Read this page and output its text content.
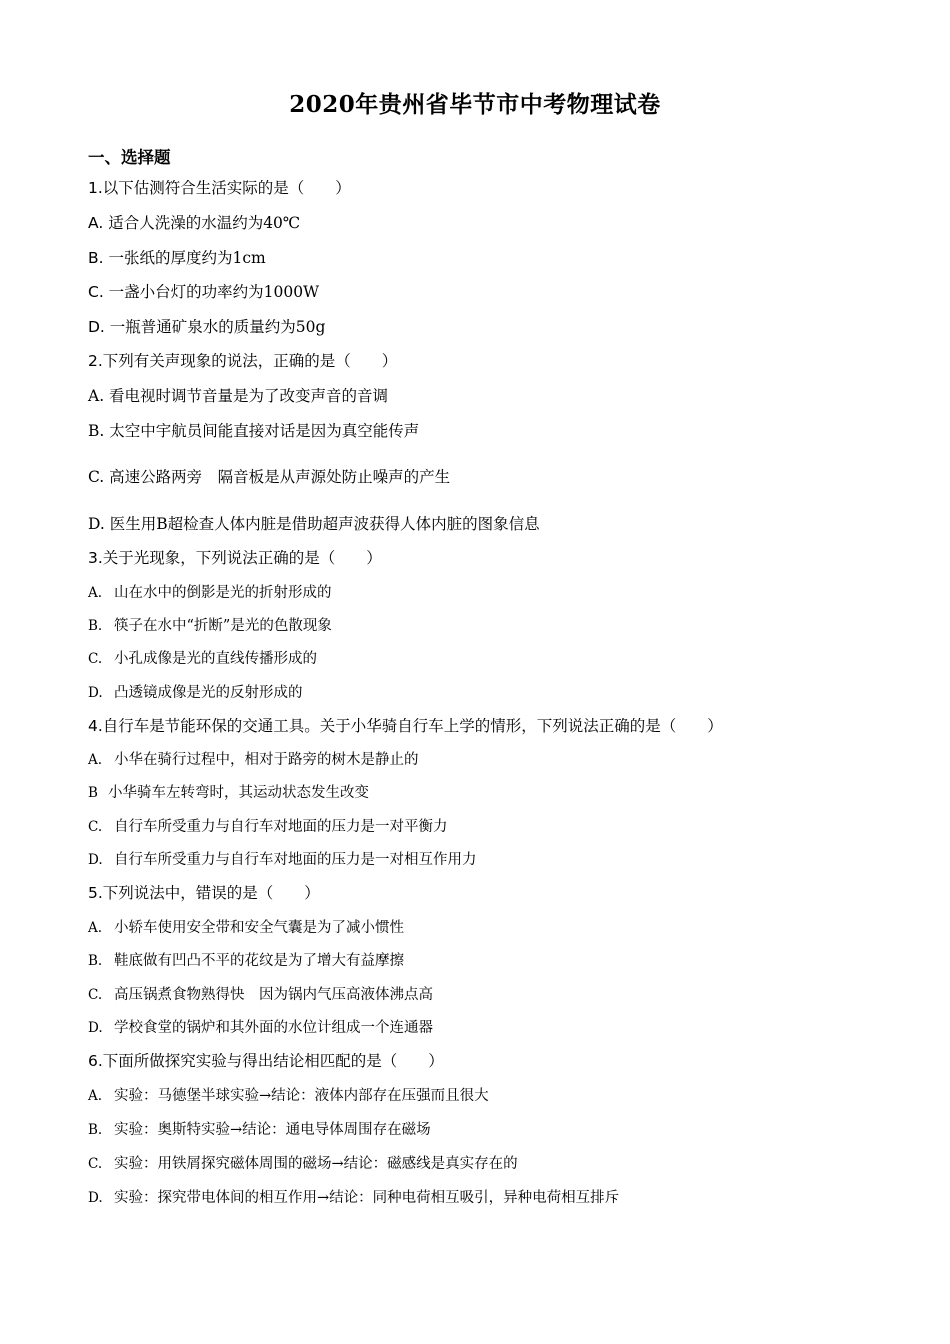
2020年贵州省毕节市中考物理试卷
一、选择题
1.以下估测符合生活实际的是（　　）
A. 适合人洗澡的水温约为40℃
B. 一张纸的厚度约为1cm
C. 一盏小台灯的功率约为1000W
D. 一瓶普通矿泉水的质量约为50g
2.下列有关声现象的说法，正确的是（　　）
A. 看电视时调节音量是为了改变声音的音调
B. 太空中宇航员间能直接对话是因为真空能传声
C. 高速公路两旁　隔音板是从声源处防止噪声的产生
D. 医生用B超检查人体内脏是借助超声波获得人体内脏的图象信息
3.关于光现象，下列说法正确的是（　　）
A. 山在水中的倒影是光的折射形成的
B. 筷子在水中“折断”是光的色散现象
C. 小孔成像是光的直线传播形成的
D. 凸透镜成像是光的反射形成的
4.自行车是节能环保的交通工具。关于小华骑自行车上学的情形，下列说法正确的是（　　）
A. 小华在骑行过程中，相对于路旁的树木是静止的
B 小华骑车左转弯时，其运动状态发生改变
C. 自行车所受重力与自行车对地面的压力是一对平衡力
D. 自行车所受重力与自行车对地面的压力是一对相互作用力
5.下列说法中，错误的是（　　）
A. 小轿车使用安全带和安全气囊是为了减小惯性
B. 鞋底做有凹凸不平的花纹是为了增大有益摩擦
C. 高压锅煮食物熟得快　因为锅内气压高液体沸点高
D. 学校食堂的锅炉和其外面的水位计组成一个连通器
6.下面所做探究实验与得出结论相匹配的是（　　）
A. 实验：马德堡半球实验→结论：液体内部存在压强而且很大
B. 实验：奥斯特实验→结论：通电导体周围存在磁场
C. 实验：用铁屑探究磁体周围的磁场→结论：磁感线是真实存在的
D. 实验：探究带电体间的相互作用→结论：同种电荷相互吸引，异种电荷相互排斥
